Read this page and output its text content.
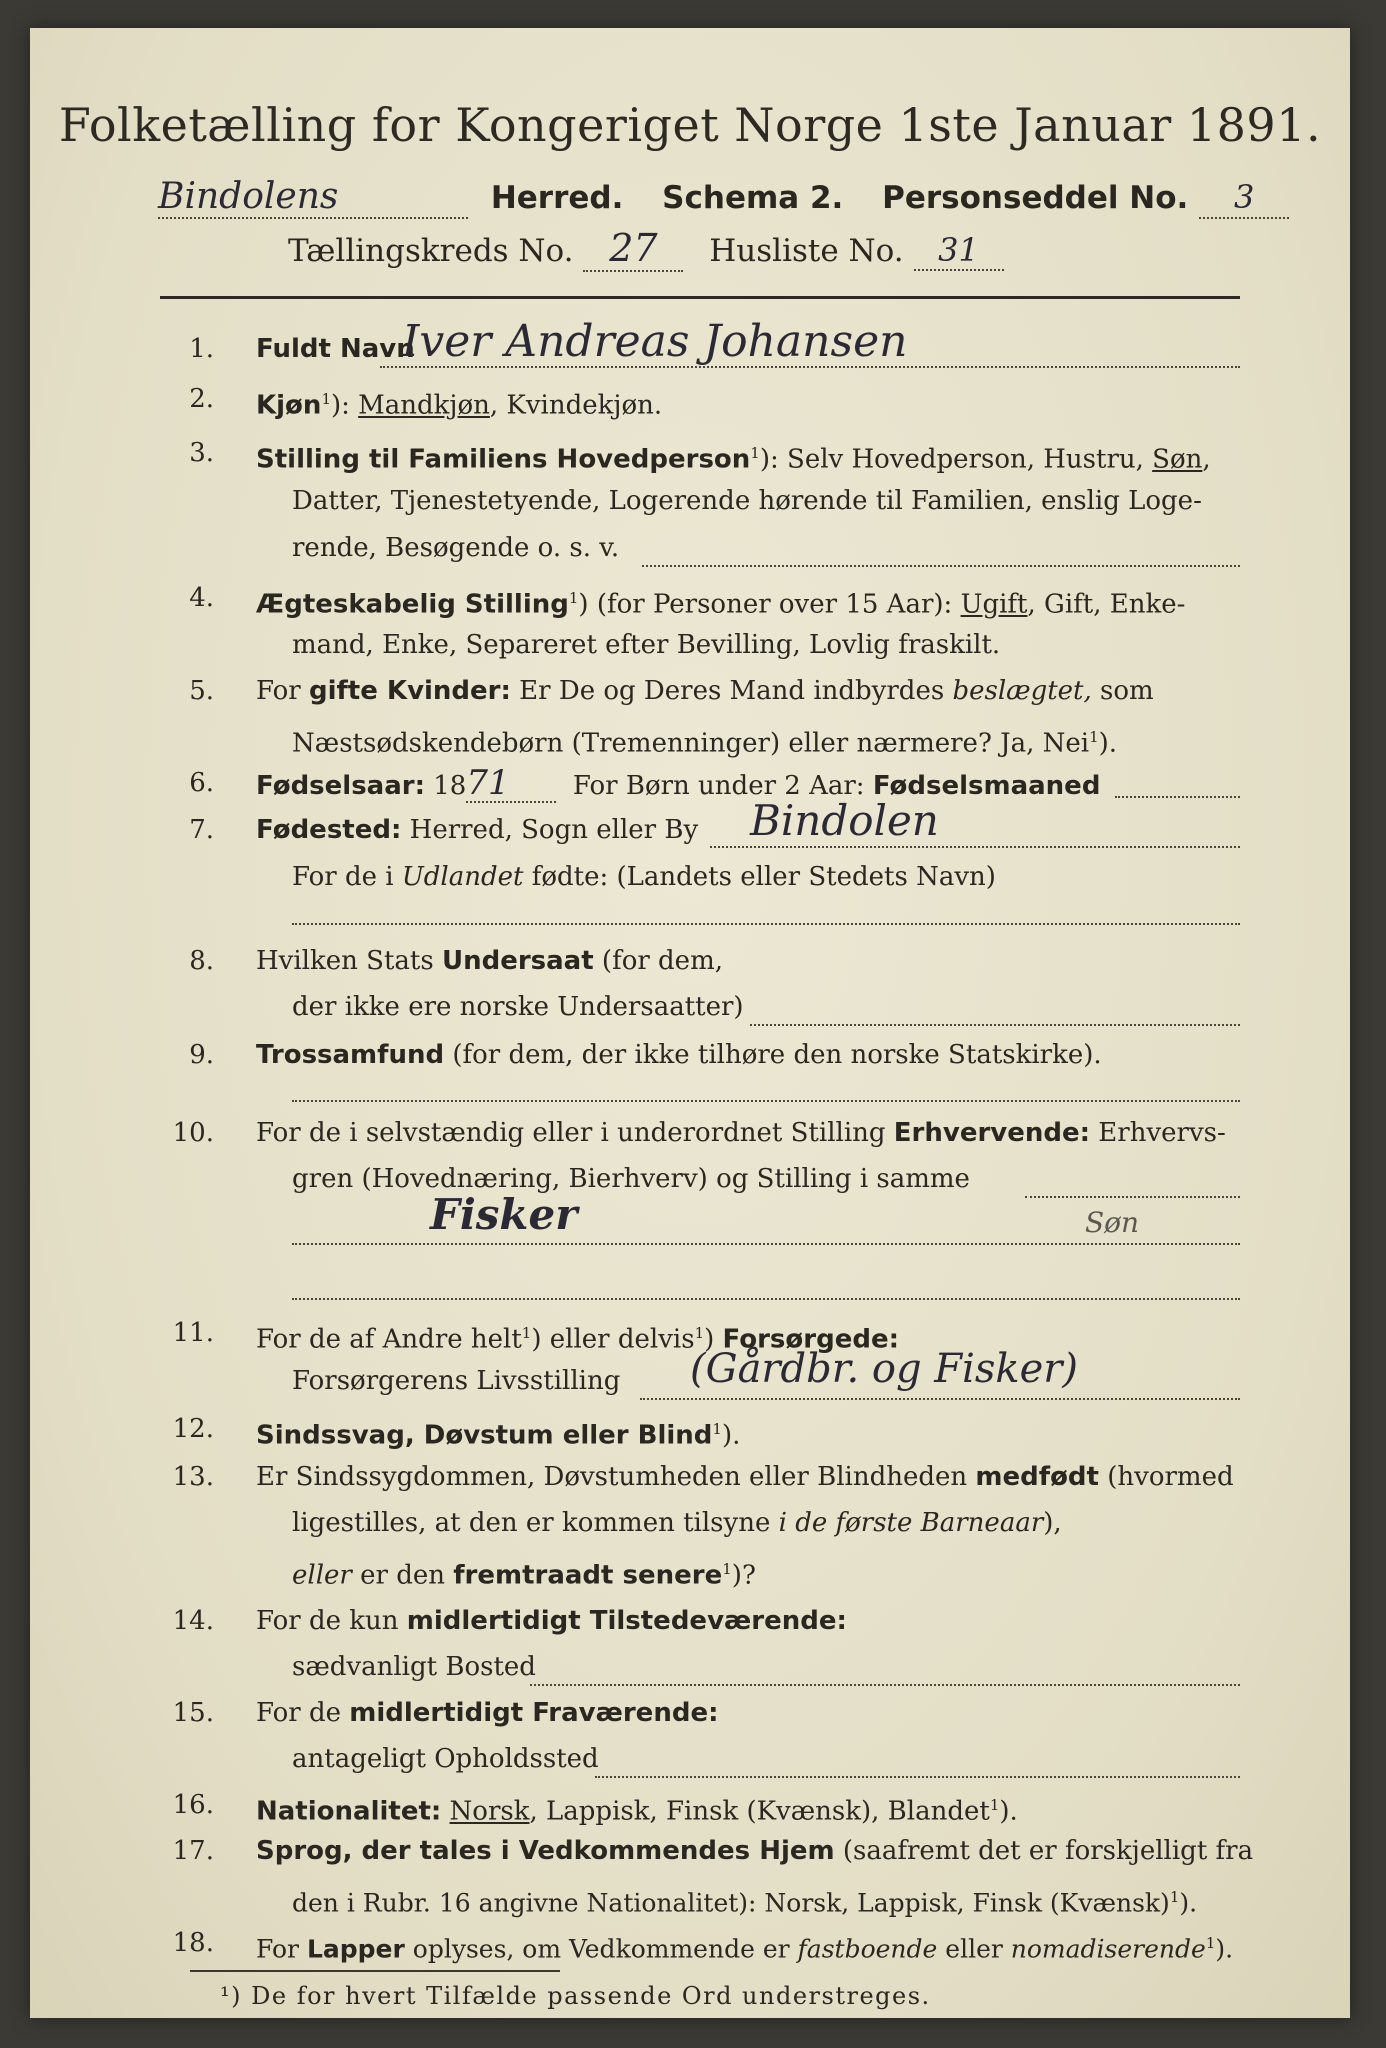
Folketælling for Kongeriget Norge 1ste Januar 1891.
Bindolens	Herred. Schema 2. Personseddel No. 3
Tællingskreds No. 27 Husliste No. 31
1. Fuldt Navn
Iver Andreas Johansen
2. Kjøn$^1$): Mandkjøn, Kvindekjøn.
3. Stilling til Familiens Hovedperson$^1$): Selv Hovedperson, Hustru, Søn,
Datter, Tjenestetyende, Logerende hørende til Familien, enslig Loge-
rende, Besøgende o. s. v.
4. Ægteskabelig Stilling$^1$) (for Personer over 15 Aar): Ugift, Gift, Enke-
mand, Enke, Separeret efter Bevilling, Lovlig fraskilt.
5. For gifte Kvinder: Er De og Deres Mand indbyrdes beslægtet, som
Næstsødskendebørn (Tremenninger) eller nærmere? Ja, Nei$^1$).
6. Fødselsaar: 1871 For Børn under 2 Aar: Fødselsmaaned
7. Fødested: Herred, Sogn eller By	Bindolen
For de i Udlandet fødte: (Landets eller Stedets Navn)
8. Hvilken Stats Undersaat (for dem,
der ikke ere norske Undersaatter)
9. Trossamfund (for dem, der ikke tilhøre den norske Statskirke).
10. For de i selvstændig eller i underordnet Stilling Erhvervende: Erhvervs-
gren (Hovednæring, Bierhverv) og Stilling i samme
Fisker	Søn
11. For de af Andre helt$^1$) eller delvis$^1$) Forsørgede:
Forsørgerens Livsstilling	(Gårdbr. og Fisker)
12. Sindssvag, Døvstum eller Blind$^1$).
13. Er Sindssygdommen, Døvstumheden eller Blindheden medfødt (hvormed
ligestilles, at den er kommen tilsyne i de første Barneaar),
eller er den fremtraadt senere$^1$)?
14. For de kun midlertidigt Tilstedeværende:
sædvanligt Bosted
15. For de midlertidigt Fraværende:
antageligt Opholdssted
16. Nationalitet: Norsk, Lappisk, Finsk (Kvænsk), Blandet$^1$).
17. Sprog, der tales i Vedkommendes Hjem (saafremt det er forskjelligt fra
den i Rubr. 16 angivne Nationalitet): Norsk, Lappisk, Finsk (Kvænsk)$^1$).
18. For Lapper oplyses, om Vedkommende er fastboende eller nomadiserende$^1$).
¹) De for hvert Tilfælde passende Ord understreges.
